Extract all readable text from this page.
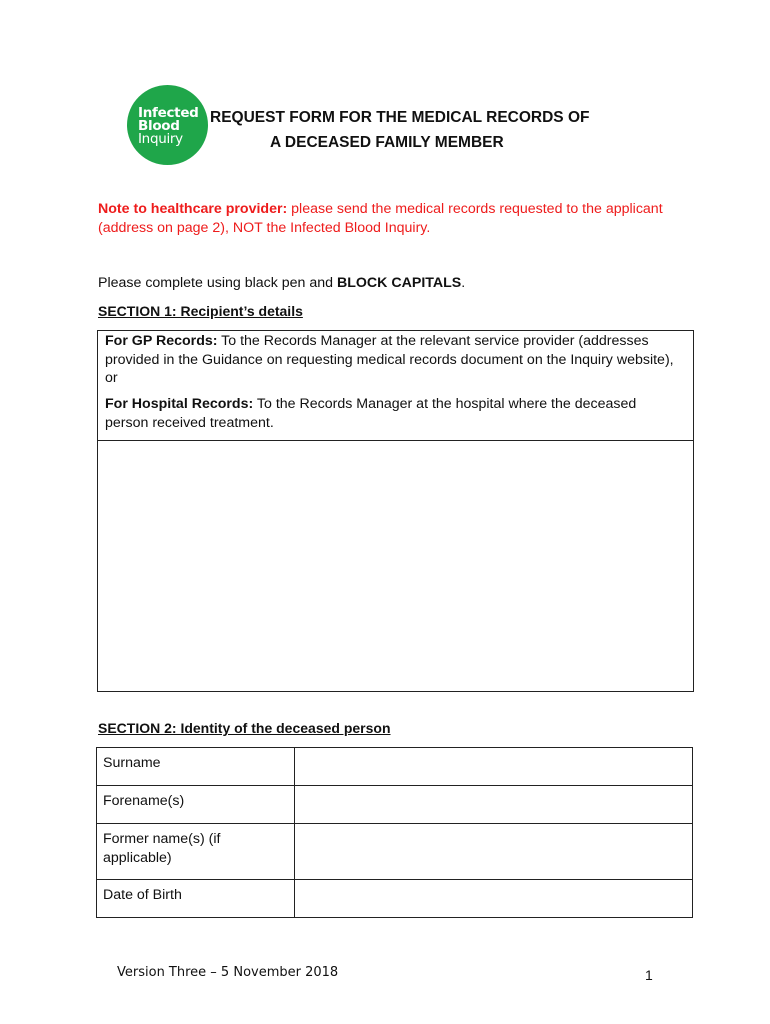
Infected
Blood
Inquiry
REQUEST FORM FOR THE MEDICAL RECORDS OF
A DECEASED FAMILY MEMBER
Note to healthcare provider: please send the medical records requested to the applicant (address on page 2), NOT the Infected Blood Inquiry.
Please complete using black pen and BLOCK CAPITALS.
SECTION 1: Recipient’s details
For GP Records: To the Records Manager at the relevant service provider (addresses provided in the Guidance on requesting medical records document on the Inquiry website), or
For Hospital Records: To the Records Manager at the hospital where the deceased person received treatment.
SECTION 2: Identity of the deceased person
Surname	
Forename(s)	
Former name(s) (if applicable)	
Date of Birth	
Version Three – 5 November 2018	1
